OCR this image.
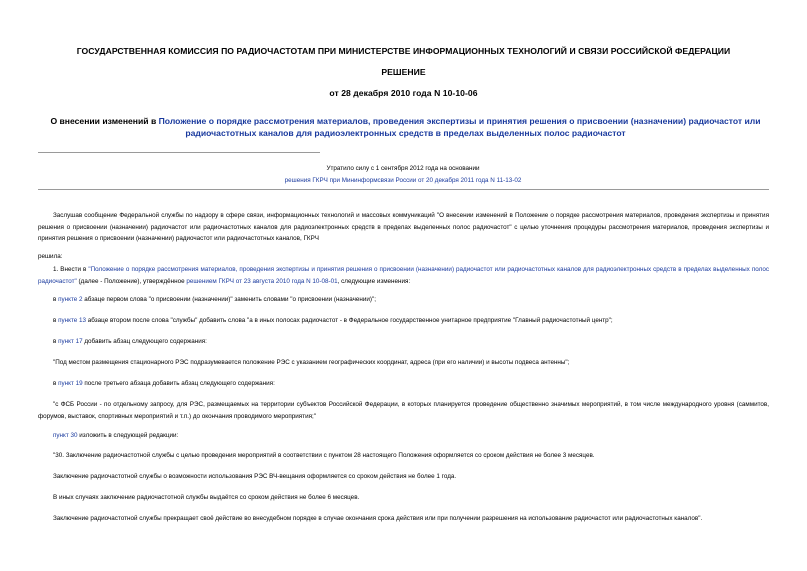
ГОСУДАРСТВЕННАЯ КОМИССИЯ ПО РАДИОЧАСТОТАМ ПРИ МИНИСТЕРСТВЕ ИНФОРМАЦИОННЫХ ТЕХНОЛОГИЙ И СВЯЗИ РОССИЙСКОЙ ФЕДЕРАЦИИ
РЕШЕНИЕ
от 28 декабря 2010 года N 10-10-06
О внесении изменений в Положение о порядке рассмотрения материалов, проведения экспертизы и принятия решения о присвоении (назначении) радиочастот или радиочастотных каналов для радиоэлектронных средств в пределах выделенных полос радиочастот
Утратило силу с 1 сентября 2012 года на основании
решения ГКРЧ при Мининформсвязи России от 20 декабря 2011 года N 11-13-02
Заслушав сообщение Федеральной службы по надзору в сфере связи, информационных технологий и массовых коммуникаций "О внесении изменений в Положение о порядке рассмотрения материалов, проведения экспертизы и принятия решения о присвоении (назначении) радиочастот или радиочастотных каналов для радиоэлектронных средств в пределах выделенных полос радиочастот" с целью уточнения процедуры рассмотрения материалов, проведения экспертизы и принятия решения о присвоении (назначении) радиочастот или радиочастотных каналов, ГКРЧ
решила:
1. Внести в "Положение о порядке рассмотрения материалов, проведения экспертизы и принятия решения о присвоении (назначении) радиочастот или радиочастотных каналов для радиоэлектронных средств в пределах выделенных полос радиочастот" (далее - Положение), утверждённое решением ГКРЧ от 23 августа 2010 года N 10-08-01, следующие изменения:
в пункте 2 абзаце первом слова "о присвоении (назначении)" заменить словами "о присвоении (назначении)";
в пункте 13 абзаце втором после слова "службы" добавить слова "а в иных полосах радиочастот - в Федеральное государственное унитарное предприятие "Главный радиочастотный центр";
в пункт 17 добавить абзац следующего содержания:
"Под местом размещения стационарного РЭС подразумевается положение РЭС с указанием географических координат, адреса (при его наличии) и высоты подвеса антенны";
в пункт 19 после третьего абзаца добавить абзац следующего содержания:
"с ФСБ России - по отдельному запросу, для РЭС, размещаемых на территории субъектов Российской Федерации, в которых планируется проведение общественно значимых мероприятий, в том числе международного уровня (саммитов, форумов, выставок, спортивных мероприятий и т.п.) до окончания проводимого мероприятия;"
пункт 30 изложить в следующей редакции:
"30. Заключение радиочастотной службы с целью проведения мероприятий в соответствии с пунктом 28 настоящего Положения оформляется со сроком действия не более 3 месяцев.
Заключение радиочастотной службы о возможности использования РЭС ВЧ-вещания оформляется со сроком действия не более 1 года.
В иных случаях заключение радиочастотной службы выдаётся со сроком действия не более 6 месяцев.
Заключение радиочастотной службы прекращает своё действие во внесудебном порядке в случае окончания срока действия или при получении разрешения на использование радиочастот или радиочастотных каналов".
